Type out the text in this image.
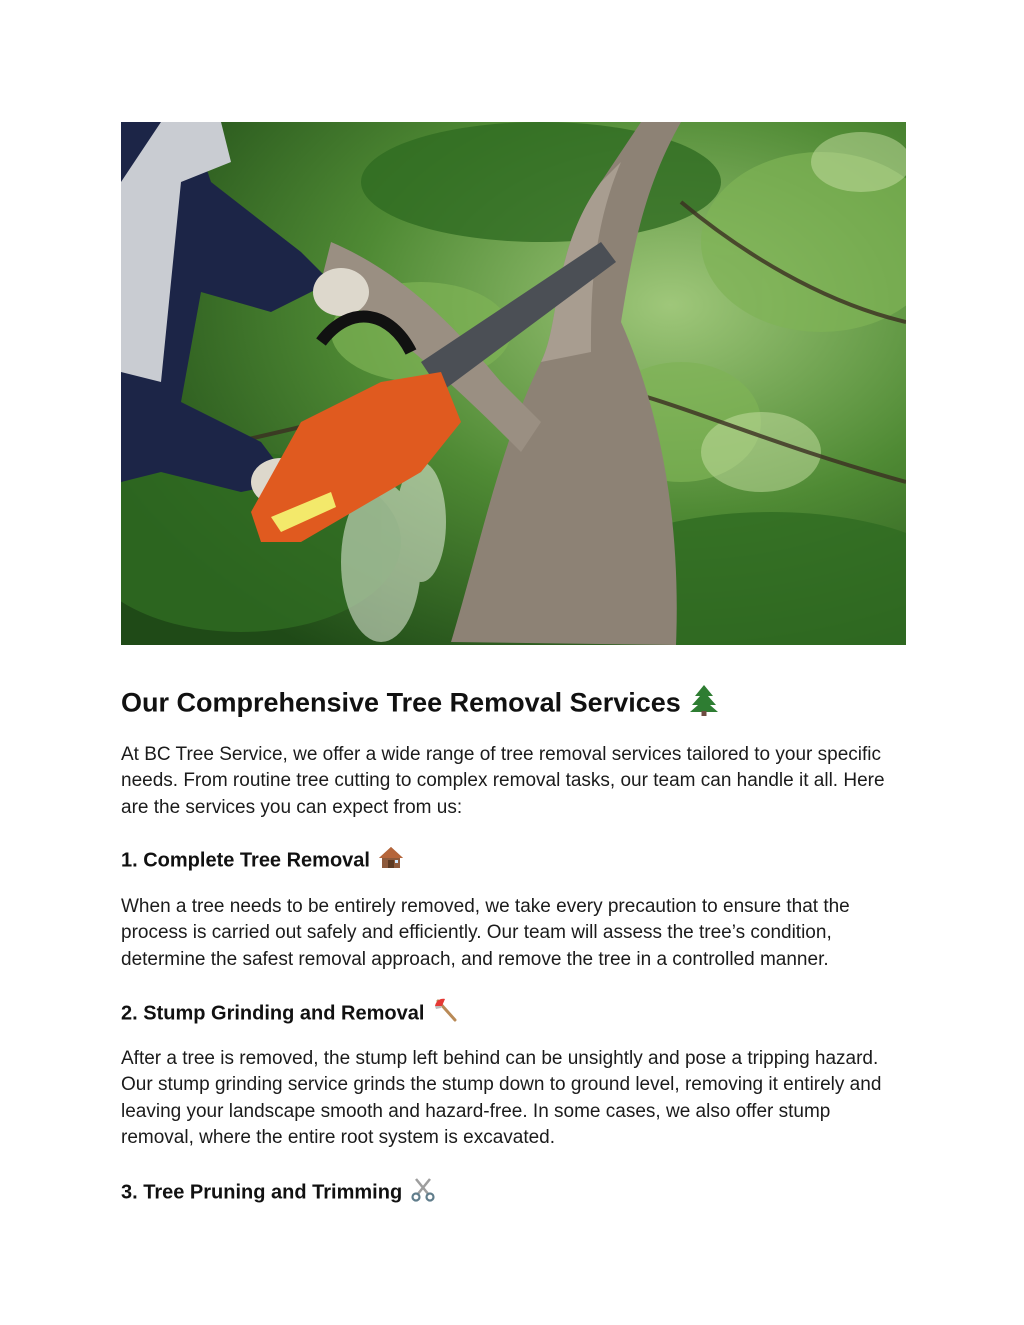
Our Comprehensive Tree Removal Services

At BC Tree Service, we offer a wide range of tree removal services tailored to your specific needs. From routine tree cutting to complex removal tasks, our team can handle it all. Here are the services you can expect from us:

1. Complete Tree Removal

When a tree needs to be entirely removed, we take every precaution to ensure that the process is carried out safely and efficiently. Our team will assess the tree’s condition, determine the safest removal approach, and remove the tree in a controlled manner.

2. Stump Grinding and Removal

After a tree is removed, the stump left behind can be unsightly and pose a tripping hazard. Our stump grinding service grinds the stump down to ground level, removing it entirely and leaving your landscape smooth and hazard-free. In some cases, we also offer stump removal, where the entire root system is excavated.

3. Tree Pruning and Trimming
